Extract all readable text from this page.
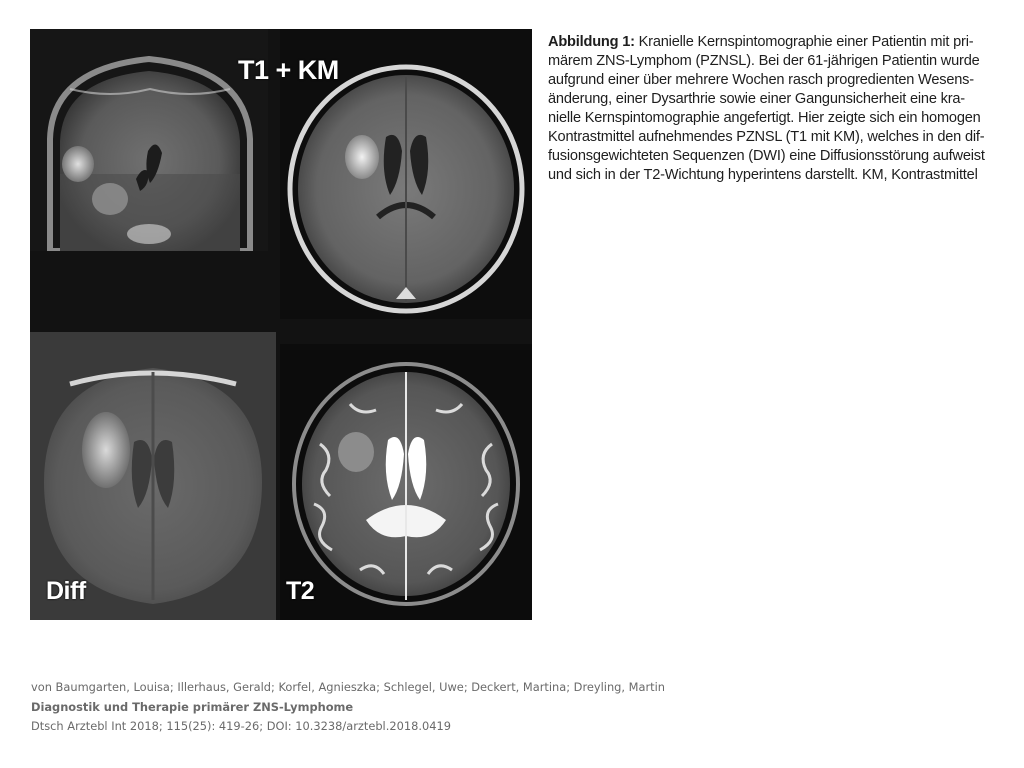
T1 + KM
Diff	T2
Abbildung 1: Kranielle Kernspintomographie einer Patientin mit pri-
märem ZNS-Lymphom (PZNSL). Bei der 61-jährigen Patientin wurde
aufgrund einer über mehrere Wochen rasch progredienten Wesens-
änderung, einer Dysarthrie sowie einer Gangunsicherheit eine kra-
nielle Kernspintomographie angefertigt. Hier zeigte sich ein homogen
Kontrastmittel aufnehmendes PZNSL (T1 mit KM), welches in den dif-
fusionsgewichteten Sequenzen (DWI) eine Diffusionsstörung aufweist
und sich in der T2-Wichtung hyperintens darstellt. KM, Kontrastmittel
von Baumgarten, Louisa; Illerhaus, Gerald; Korfel, Agnieszka; Schlegel, Uwe; Deckert, Martina; Dreyling, Martin
Diagnostik und Therapie primärer ZNS-Lymphome
Dtsch Arztebl Int 2018; 115(25): 419-26; DOI: 10.3238/arztebl.2018.0419
